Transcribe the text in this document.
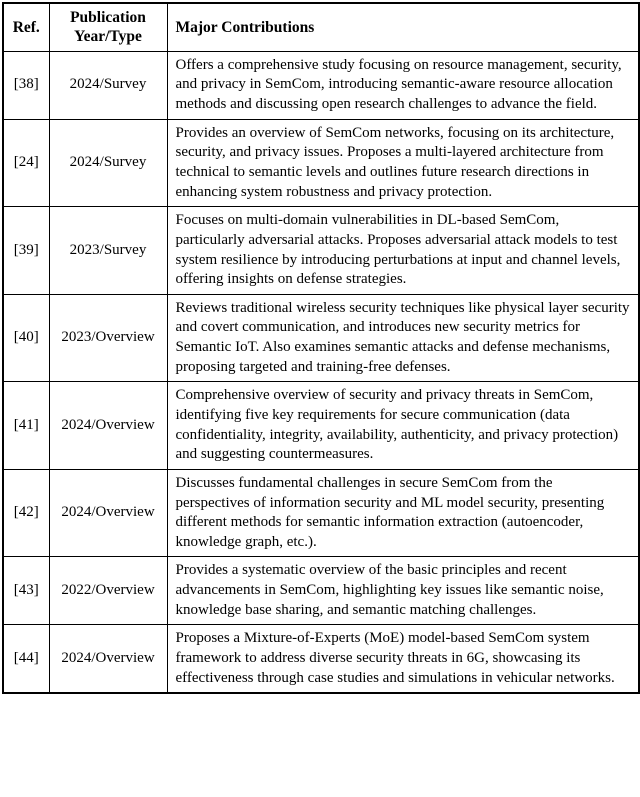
Ref.	Publication Year/Type	Major Contributions
[38]	2024/Survey	Offers a comprehensive study focusing on resource management, security, and privacy in SemCom, introducing semantic-aware resource allocation methods and discussing open research challenges to advance the field.
[24]	2024/Survey	Provides an overview of SemCom networks, focusing on its architecture, security, and privacy issues. Proposes a multi-layered architecture from technical to semantic levels and outlines future research directions in enhancing system robustness and privacy protection.
[39]	2023/Survey	Focuses on multi-domain vulnerabilities in DL-based SemCom, particularly adversarial attacks. Proposes adversarial attack models to test system resilience by introducing perturbations at input and channel levels, offering insights on defense strategies.
[40]	2023/Overview	Reviews traditional wireless security techniques like physical layer security and covert communication, and introduces new security metrics for Semantic IoT. Also examines semantic attacks and defense mechanisms, proposing targeted and training-free defenses.
[41]	2024/Overview	Comprehensive overview of security and privacy threats in SemCom, identifying five key requirements for secure communication (data confidentiality, integrity, availability, authenticity, and privacy protection) and suggesting countermeasures.
[42]	2024/Overview	Discusses fundamental challenges in secure SemCom from the perspectives of information security and ML model security, presenting different methods for semantic information extraction (autoencoder, knowledge graph, etc.).
[43]	2022/Overview	Provides a systematic overview of the basic principles and recent advancements in SemCom, highlighting key issues like semantic noise, knowledge base sharing, and semantic matching challenges.
[44]	2024/Overview	Proposes a Mixture-of-Experts (MoE) model-based SemCom system framework to address diverse security threats in 6G, showcasing its effectiveness through case studies and simulations in vehicular networks.
